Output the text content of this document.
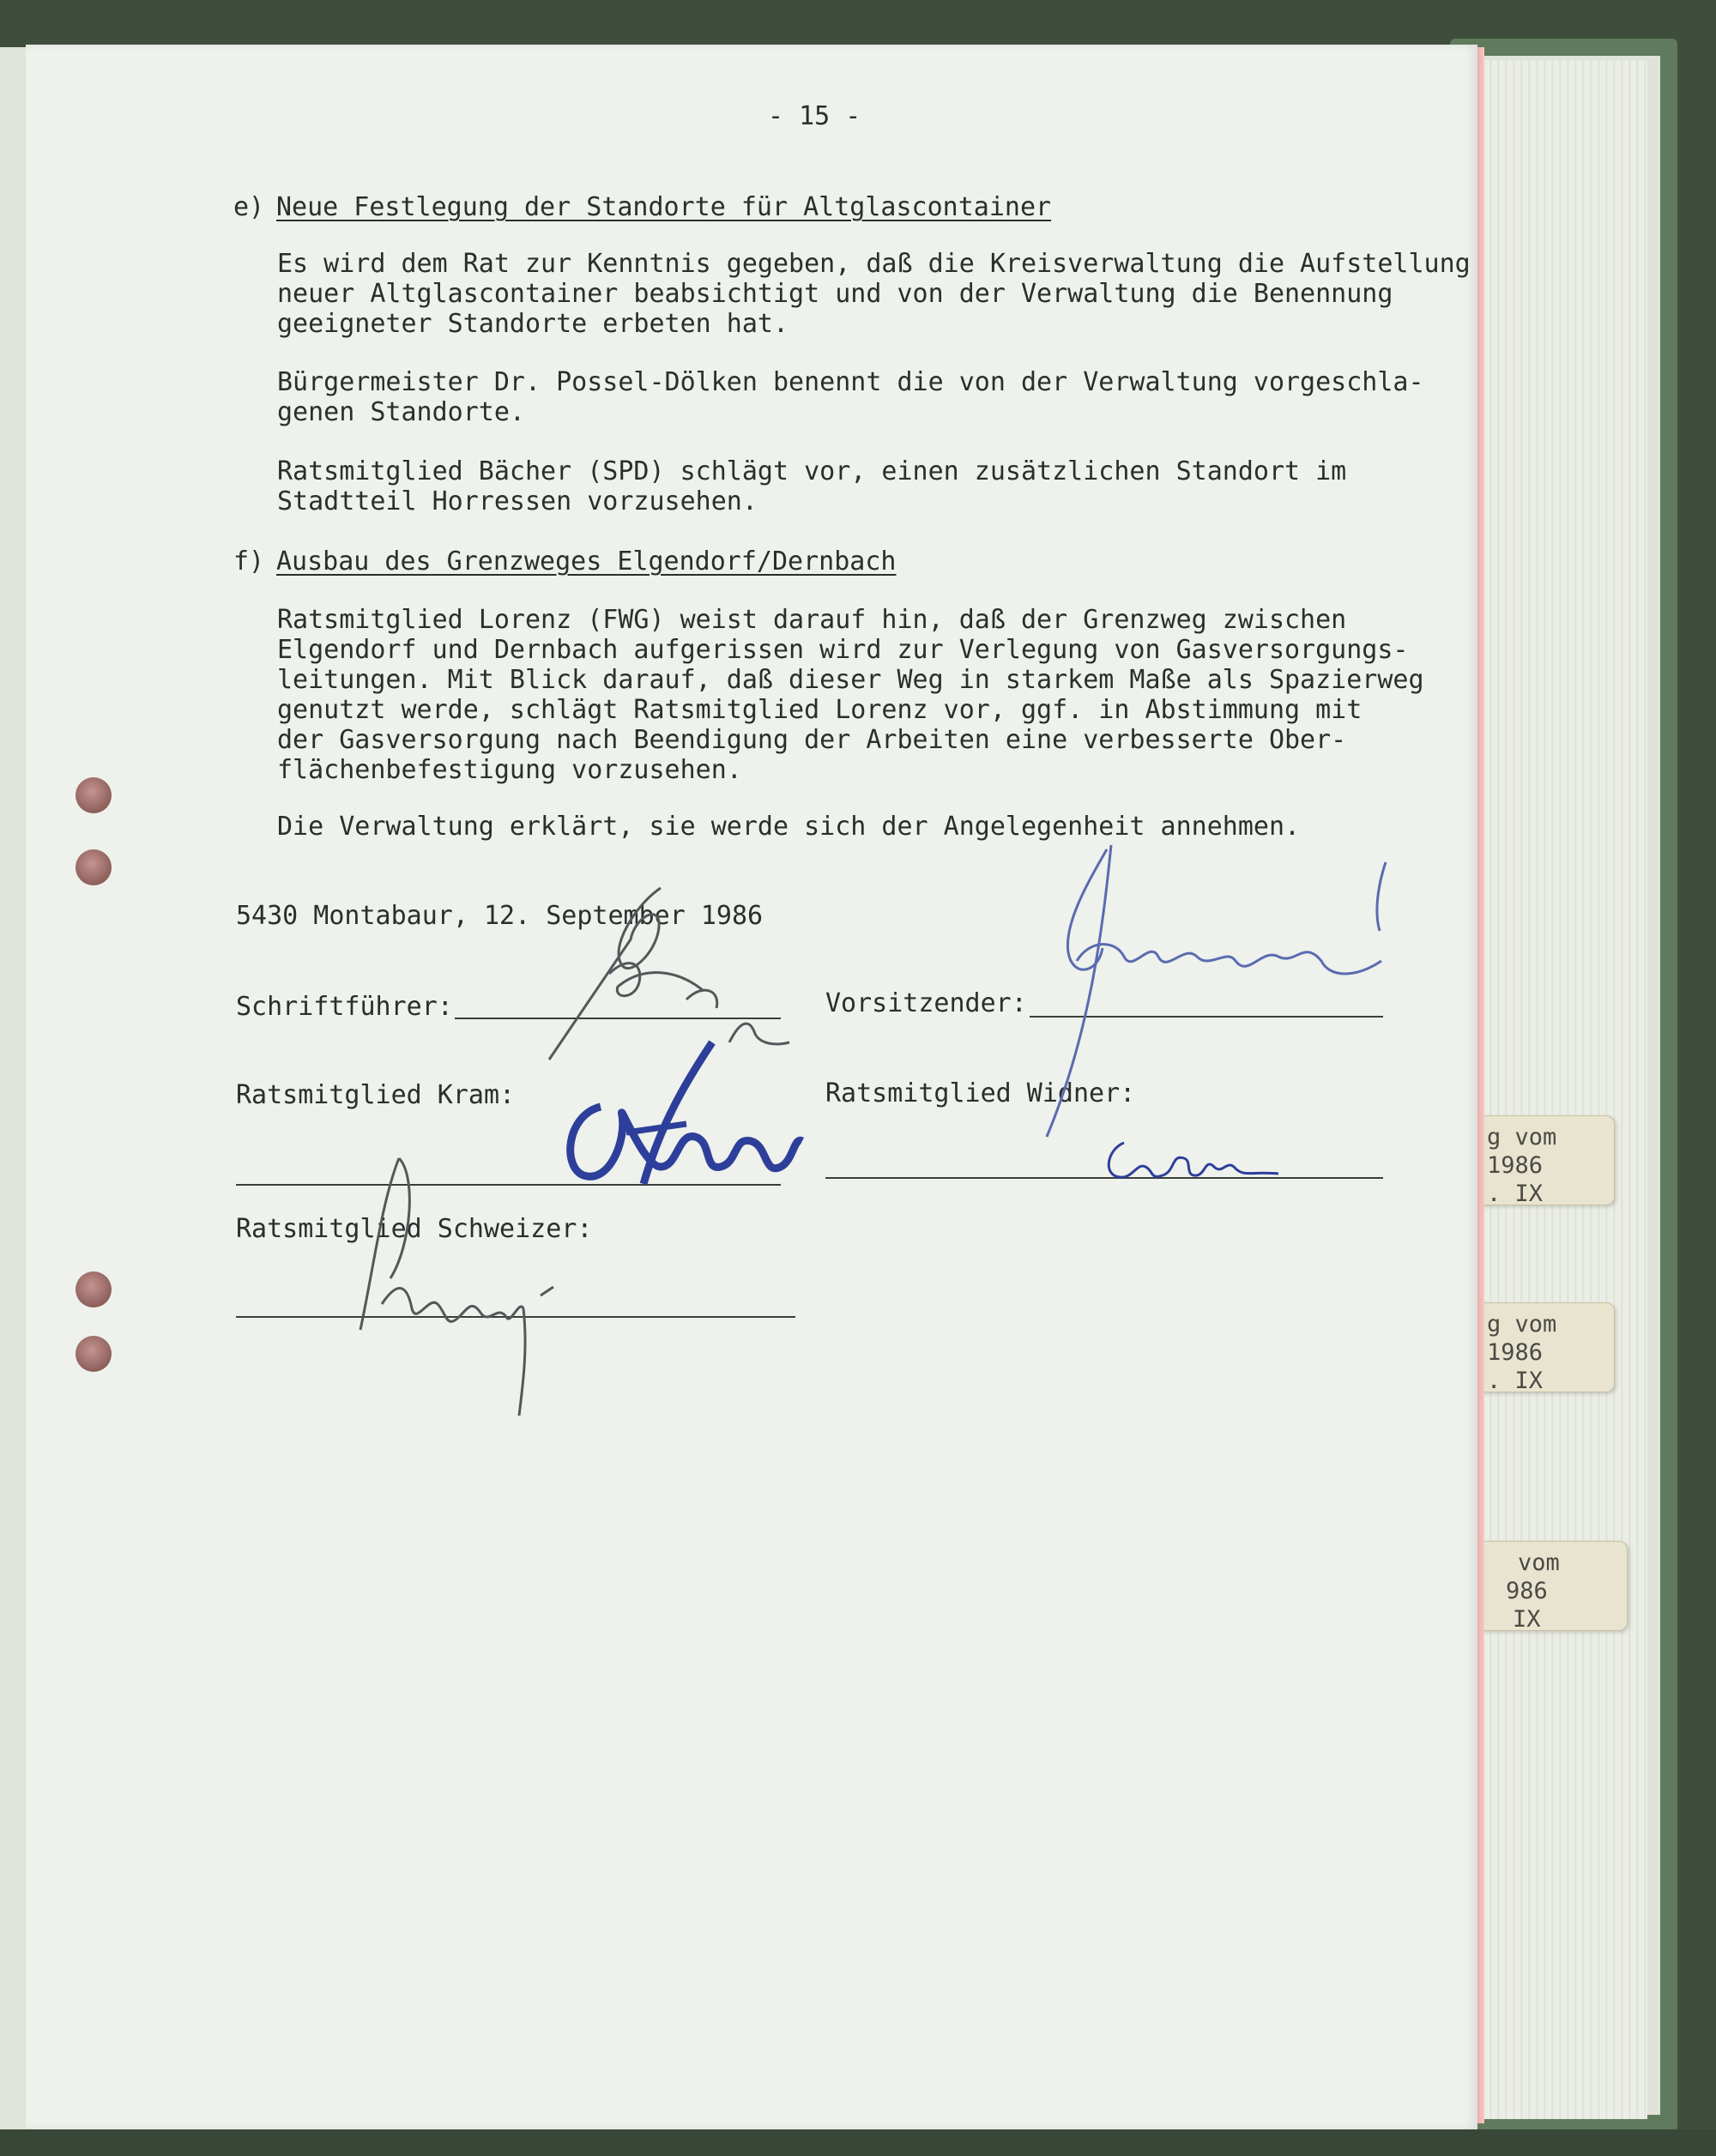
g vom
1986
. IX
g vom
1986
. IX
vom
986
IX
- 15 -
e) Neue Festlegung der Standorte für Altglascontainer
Es wird dem Rat zur Kenntnis gegeben, daß die Kreisverwaltung die Aufstellung
neuer Altglascontainer beabsichtigt und von der Verwaltung die Benennung
geeigneter Standorte erbeten hat.
Bürgermeister Dr. Possel-Dölken benennt die von der Verwaltung vorgeschla-
genen Standorte.
Ratsmitglied Bächer (SPD) schlägt vor, einen zusätzlichen Standort im
Stadtteil Horressen vorzusehen.
f) Ausbau des Grenzweges Elgendorf/Dernbach
Ratsmitglied Lorenz (FWG) weist darauf hin, daß der Grenzweg zwischen
Elgendorf und Dernbach aufgerissen wird zur Verlegung von Gasversorgungs-
leitungen. Mit Blick darauf, daß dieser Weg in starkem Maße als Spazierweg
genutzt werde, schlägt Ratsmitglied Lorenz vor, ggf. in Abstimmung mit
der Gasversorgung nach Beendigung der Arbeiten eine verbesserte Ober-
flächenbefestigung vorzusehen.
Die Verwaltung erklärt, sie werde sich der Angelegenheit annehmen.
5430 Montabaur, 12. September 1986
Schriftführer:	Vorsitzender:
Ratsmitglied Kram:	Ratsmitglied Widner:
Ratsmitglied Schweizer:
